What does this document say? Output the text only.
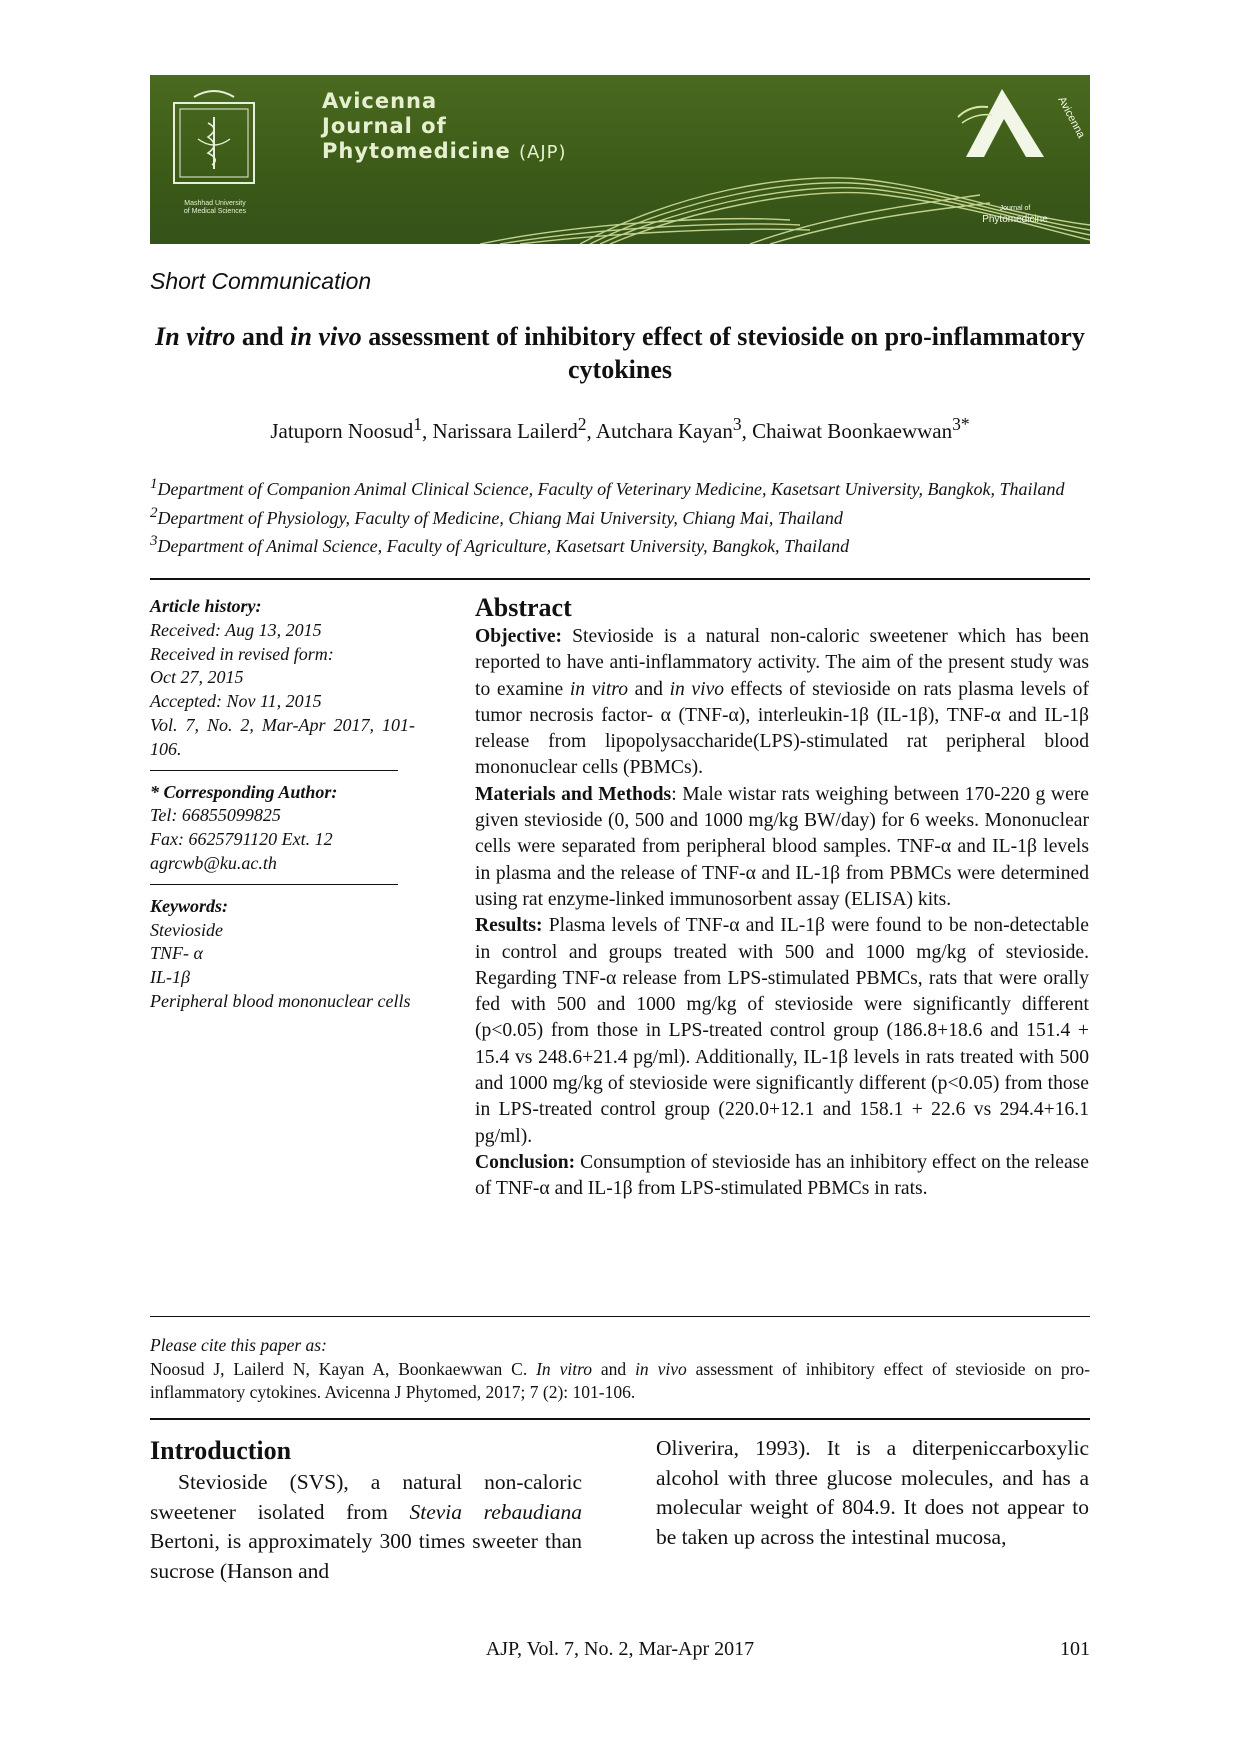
Mashhad University
of Medical Sciences
Avicenna
Journal of
Phytomedicine (AJP)
Avicenna
Journal of
Phytomedicine
Short Communication
In vitro and in vivo assessment of inhibitory effect of stevioside on pro-inflammatory cytokines
Jatuporn Noosud$^1$, Narissara Lailerd$^2$, Autchara Kayan$^3$, Chaiwat Boonkaewwan$^{3*}$

$^1$Department of Companion Animal Clinical Science, Faculty of Veterinary Medicine, Kasetsart University, Bangkok, Thailand

$^2$Department of Physiology, Faculty of Medicine, Chiang Mai University, Chiang Mai, Thailand

$^3$Department of Animal Science, Faculty of Agriculture, Kasetsart University, Bangkok, Thailand

Article history:

Received: Aug 13, 2015

Received in revised form:

Oct 27, 2015

Accepted: Nov 11, 2015

Vol. 7, No. 2, Mar-Apr 2017, 101-106.

* Corresponding Author:

Tel: 66855099825

Fax: 6625791120 Ext. 12

agrcwb@ku.ac.th

Keywords:

Stevioside

TNF- α

IL-1β

Peripheral blood mononuclear cells

Abstract

Objective: Stevioside is a natural non-caloric sweetener which has been reported to have anti-inflammatory activity. The aim of the present study was to examine in vitro and in vivo effects of stevioside on rats plasma levels of tumor necrosis factor- α (TNF-α), interleukin-1β (IL-1β), TNF-α and IL-1β release from lipopolysaccharide(LPS)-stimulated rat peripheral blood mononuclear cells (PBMCs).

Materials and Methods: Male wistar rats weighing between 170-220 g were given stevioside (0, 500 and 1000 mg/kg BW/day) for 6 weeks. Mononuclear cells were separated from peripheral blood samples. TNF-α and IL-1β levels in plasma and the release of TNF-α and IL-1β from PBMCs were determined using rat enzyme-linked immunosorbent assay (ELISA) kits.

Results: Plasma levels of TNF-α and IL-1β were found to be non-detectable in control and groups treated with 500 and 1000 mg/kg of stevioside. Regarding TNF-α release from LPS-stimulated PBMCs, rats that were orally fed with 500 and 1000 mg/kg of stevioside were significantly different (p<0.05) from those in LPS-treated control group (186.8+18.6 and 151.4 + 15.4 vs 248.6+21.4 pg/ml). Additionally, IL-1β levels in rats treated with 500 and 1000 mg/kg of stevioside were significantly different (p<0.05) from those in LPS-treated control group (220.0+12.1 and 158.1 + 22.6 vs 294.4+16.1 pg/ml).

Conclusion: Consumption of stevioside has an inhibitory effect on the release of TNF-α and IL-1β from LPS-stimulated PBMCs in rats.

Please cite this paper as:

Noosud J, Lailerd N, Kayan A, Boonkaewwan C. In vitro and in vivo assessment of inhibitory effect of stevioside on pro-inflammatory cytokines. Avicenna J Phytomed, 2017; 7 (2): 101-106.

Introduction

Stevioside (SVS), a natural non-caloric sweetener isolated from Stevia rebaudiana Bertoni, is approximately 300 times sweeter than sucrose (Hanson and

Oliverira, 1993). It is a diterpeniccarboxylic alcohol with three glucose molecules, and has a molecular weight of 804.9. It does not appear to be taken up across the intestinal mucosa,

AJP, Vol. 7, No. 2, Mar-Apr 2017	101
